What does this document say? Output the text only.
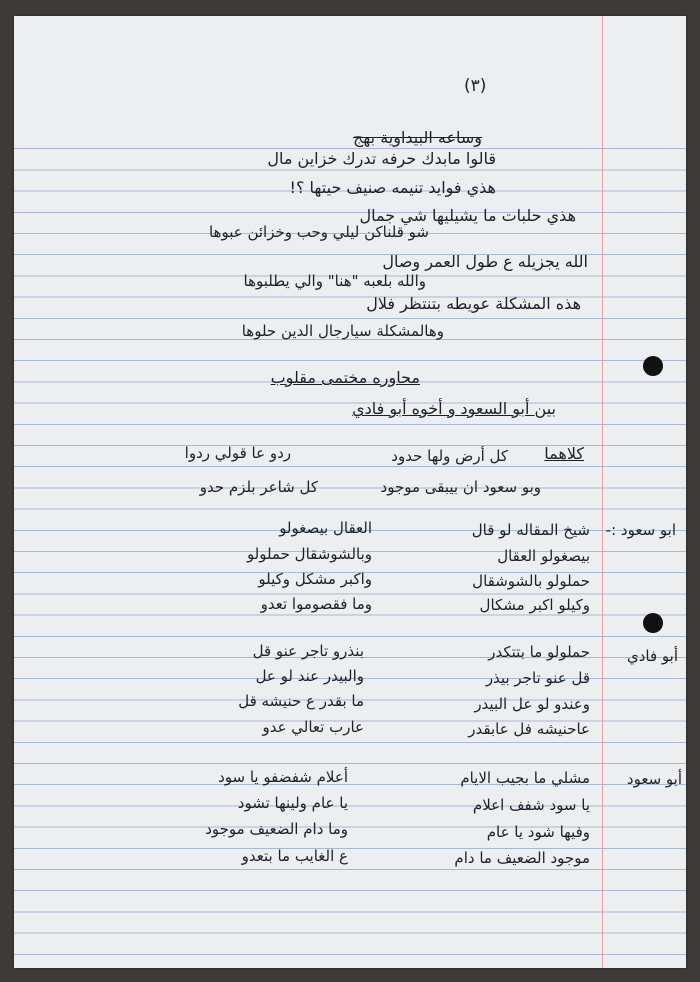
(٣)
وساعه البيداوية بهج
قالوا مابدك حرفه تدرك خزاين مال
هذي فوايد تنيمه صنيف حيتها ؟!
هذي حلبات ما يشيليها شي جمال
شو قلناكن ليلي وحب وخزائن عبوها
الله يجزيله ع طول العمر وصال
والله بلعبه "هنا" والي يطلبوها
هذه المشكلة عويطه بتنتظر فلال
وهالمشكلة سيارجال الدين حلوها
محاوره مختمى مقلوب
بين أبو السعود و أخوه أبو فادي
كلاهما
كل أرض ولها حدود
ردو عا قولي ردوا
وبو سعود ان بيبقى موجود
كل شاعر بلزم حدو
ابو سعود :-
شيخ المقاله لو قال
العقال بيصغولو
بيصغولو العقال
وبالشوشقال حملولو
حملولو بالشوشقال
واكبر مشكل وكيلو
وكيلو اكبر مشكال
وما فقصوموا تعدو
أبو فادي
حملولو ما بتتكدر
بنذرو تاجر عنو قل
قل عنو تاجر بيذر
والبيدر عند لو عل
وعندو لو عل البيدر
ما بقدر ع حنيشه قل
عاحنيشه فل عابقدر
عارب تعالي عدو
أبو سعود
مشلي ما بجيب الايام
أعلام شفضفو يا سود
يا سود شفف اعلام
يا عام ولينها تشود
وفيها شود يا عام
وما دام الضعيف موجود
موجود الضعيف ما دام
ع الغايب ما بتعدو
